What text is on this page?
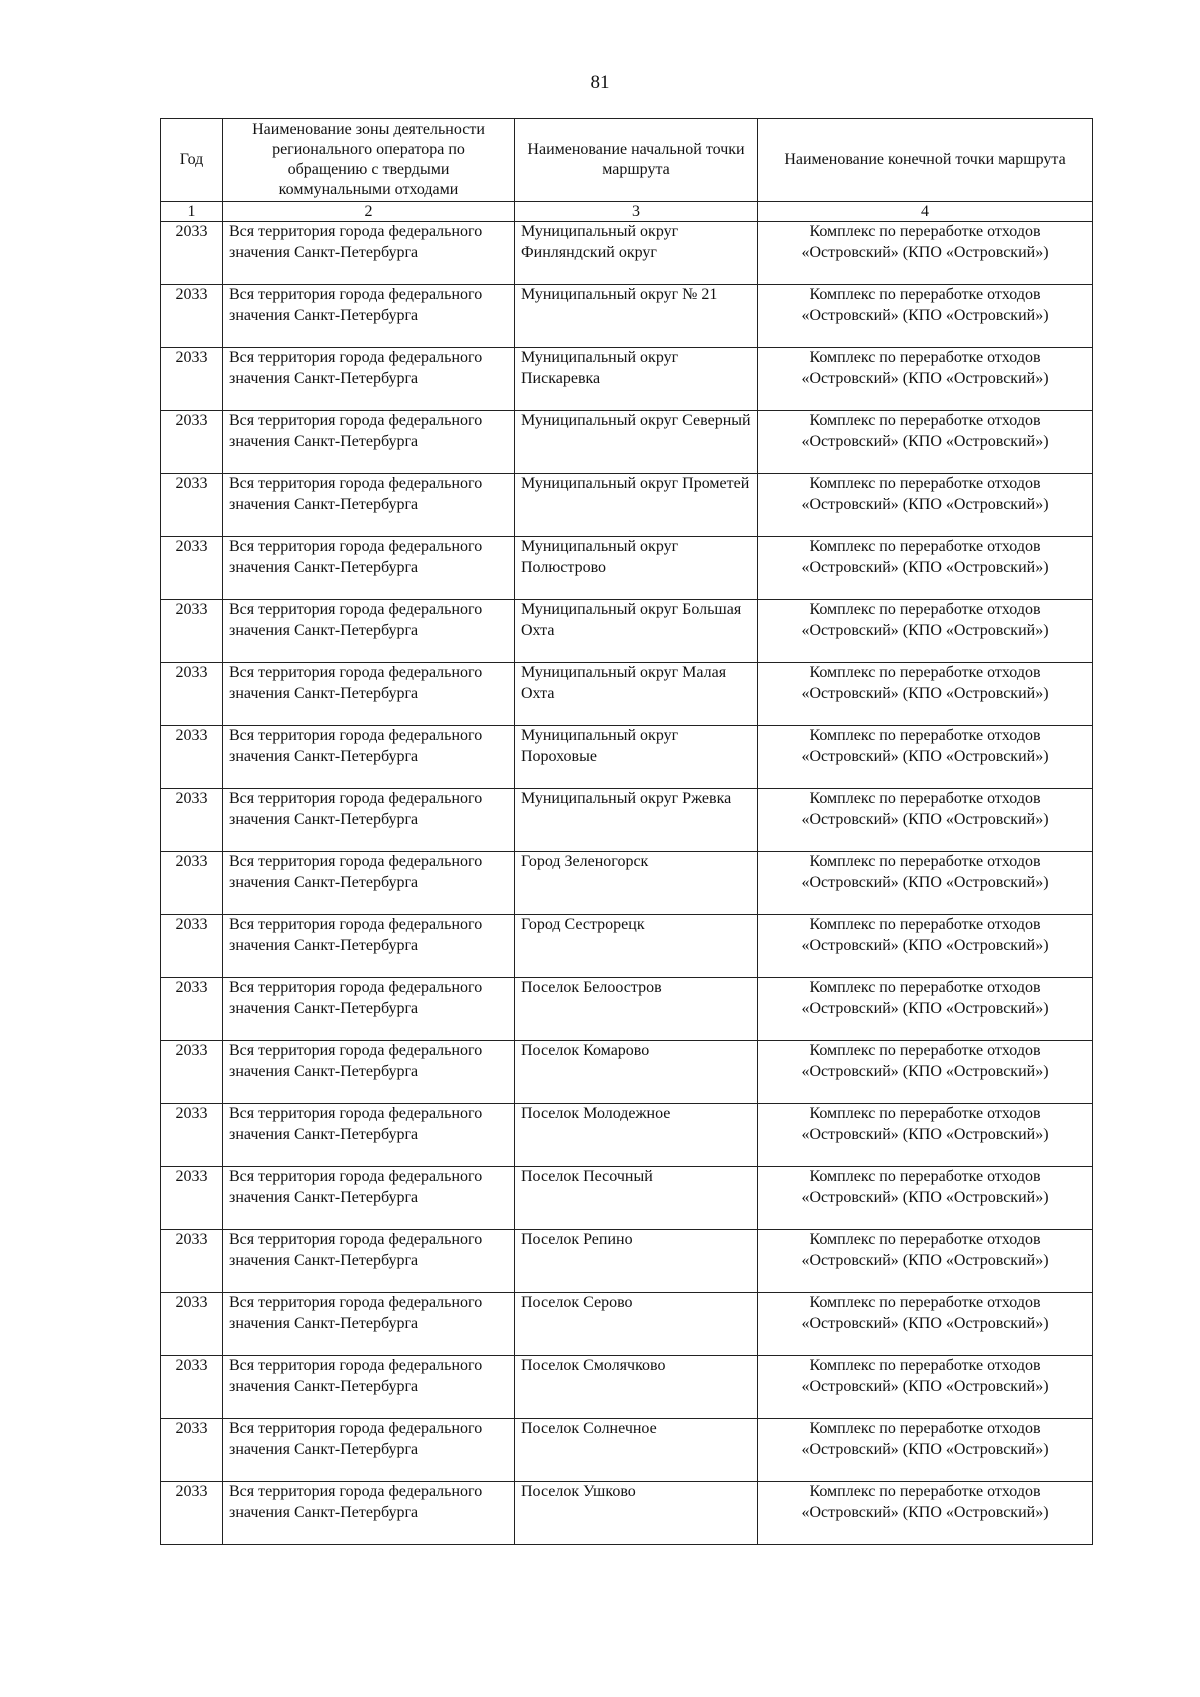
81
Год	Наименование зоны деятельности регионального оператора по обращению с твердыми коммунальными отходами	Наименование начальной точки маршрута	Наименование конечной точки маршрута
1	2	3	4
2033	Вся территория города федерального значения Санкт-Петербурга	Муниципальный округ Финляндский округ	Комплекс по переработке отходов «Островский» (КПО «Островский»)
2033	Вся территория города федерального значения Санкт-Петербурга	Муниципальный округ № 21	Комплекс по переработке отходов «Островский» (КПО «Островский»)
2033	Вся территория города федерального значения Санкт-Петербурга	Муниципальный округ Пискаревка	Комплекс по переработке отходов «Островский» (КПО «Островский»)
2033	Вся территория города федерального значения Санкт-Петербурга	Муниципальный округ Северный	Комплекс по переработке отходов «Островский» (КПО «Островский»)
2033	Вся территория города федерального значения Санкт-Петербурга	Муниципальный округ Прометей	Комплекс по переработке отходов «Островский» (КПО «Островский»)
2033	Вся территория города федерального значения Санкт-Петербурга	Муниципальный округ Полюстрово	Комплекс по переработке отходов «Островский» (КПО «Островский»)
2033	Вся территория города федерального значения Санкт-Петербурга	Муниципальный округ Большая Охта	Комплекс по переработке отходов «Островский» (КПО «Островский»)
2033	Вся территория города федерального значения Санкт-Петербурга	Муниципальный округ Малая Охта	Комплекс по переработке отходов «Островский» (КПО «Островский»)
2033	Вся территория города федерального значения Санкт-Петербурга	Муниципальный округ Пороховые	Комплекс по переработке отходов «Островский» (КПО «Островский»)
2033	Вся территория города федерального значения Санкт-Петербурга	Муниципальный округ Ржевка	Комплекс по переработке отходов «Островский» (КПО «Островский»)
2033	Вся территория города федерального значения Санкт-Петербурга	Город Зеленогорск	Комплекс по переработке отходов «Островский» (КПО «Островский»)
2033	Вся территория города федерального значения Санкт-Петербурга	Город Сестрорецк	Комплекс по переработке отходов «Островский» (КПО «Островский»)
2033	Вся территория города федерального значения Санкт-Петербурга	Поселок Белоостров	Комплекс по переработке отходов «Островский» (КПО «Островский»)
2033	Вся территория города федерального значения Санкт-Петербурга	Поселок Комарово	Комплекс по переработке отходов «Островский» (КПО «Островский»)
2033	Вся территория города федерального значения Санкт-Петербурга	Поселок Молодежное	Комплекс по переработке отходов «Островский» (КПО «Островский»)
2033	Вся территория города федерального значения Санкт-Петербурга	Поселок Песочный	Комплекс по переработке отходов «Островский» (КПО «Островский»)
2033	Вся территория города федерального значения Санкт-Петербурга	Поселок Репино	Комплекс по переработке отходов «Островский» (КПО «Островский»)
2033	Вся территория города федерального значения Санкт-Петербурга	Поселок Серово	Комплекс по переработке отходов «Островский» (КПО «Островский»)
2033	Вся территория города федерального значения Санкт-Петербурга	Поселок Смолячково	Комплекс по переработке отходов «Островский» (КПО «Островский»)
2033	Вся территория города федерального значения Санкт-Петербурга	Поселок Солнечное	Комплекс по переработке отходов «Островский» (КПО «Островский»)
2033	Вся территория города федерального значения Санкт-Петербурга	Поселок Ушково	Комплекс по переработке отходов «Островский» (КПО «Островский»)
